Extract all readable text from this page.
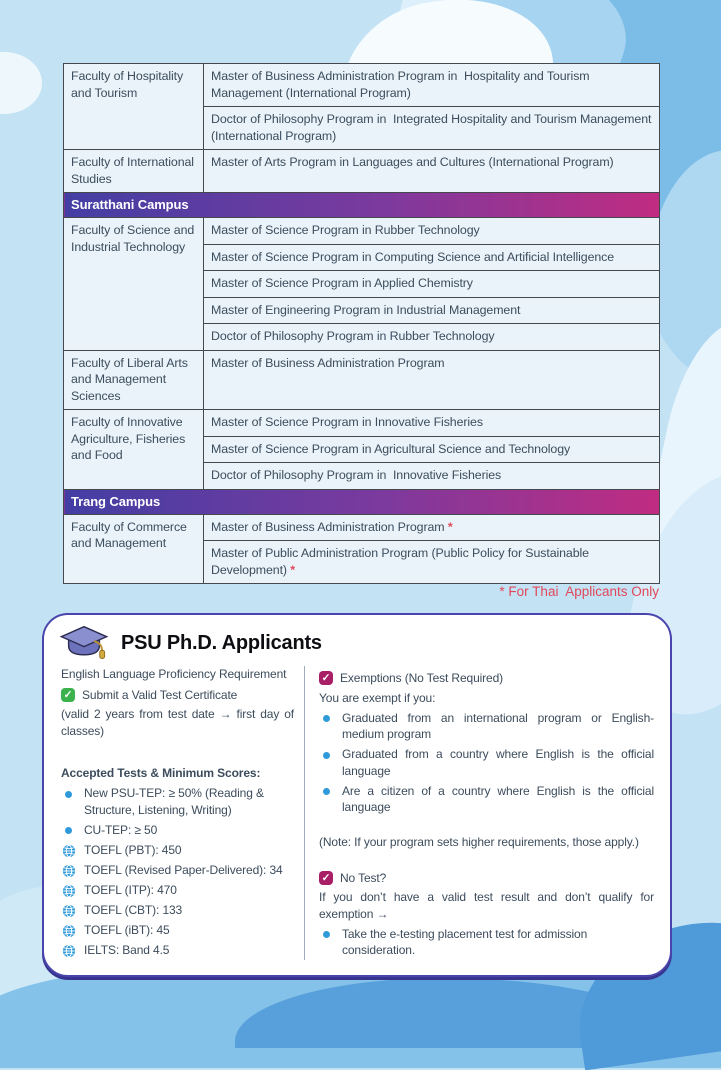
Faculty of Hospitality and Tourism	Master of Business Administration Program in  Hospitality and Tourism Management (International Program)
	Doctor of Philosophy Program in  Integrated Hospitality and Tourism Management (International Program)
Faculty of International Studies	Master of Arts Program in Languages and Cultures (International Program)
Suratthani Campus	
Faculty of Science and Industrial Technology	Master of Science Program in Rubber Technology
	Master of Science Program in Computing Science and Artificial Intelligence
	Master of Science Program in Applied Chemistry
	Master of Engineering Program in Industrial Management
	Doctor of Philosophy Program in Rubber Technology
Faculty of Liberal Arts and Management Sciences	Master of Business Administration Program
Faculty of Innovative Agriculture, Fisheries and Food	Master of Science Program in Innovative Fisheries
	Master of Science Program in Agricultural Science and Technology
	Doctor of Philosophy Program in  Innovative Fisheries
Trang Campus	
Faculty of Commerce and Management	Master of Business Administration Program *
	Master of Public Administration Program (Public Policy for Sustainable Development) *
* For Thai  Applicants Only
PSU Ph.D. Applicants
English Language Proficiency Requirement
✓ Submit a Valid Test Certificate
(valid 2 years from test date → first day of classes)
Accepted Tests & Minimum Scores:
New PSU-TEP: ≥ 50% (Reading & Structure, Listening, Writing)
CU-TEP: ≥ 50
TOEFL (PBT): 450
TOEFL (Revised Paper-Delivered): 34
TOEFL (ITP): 470
TOEFL (CBT): 133
TOEFL (iBT): 45
IELTS: Band 4.5
✓ Exemptions (No Test Required)
You are exempt if you:
Graduated from an international program or English-medium program
Graduated from a country where English is the official language
Are a citizen of a country where English is the official language
(Note: If your program sets higher requirements, those apply.)
✓ No Test?
If you don’t have a valid test result and don’t qualify for exemption →
Take the e-testing placement test for admission consideration.
